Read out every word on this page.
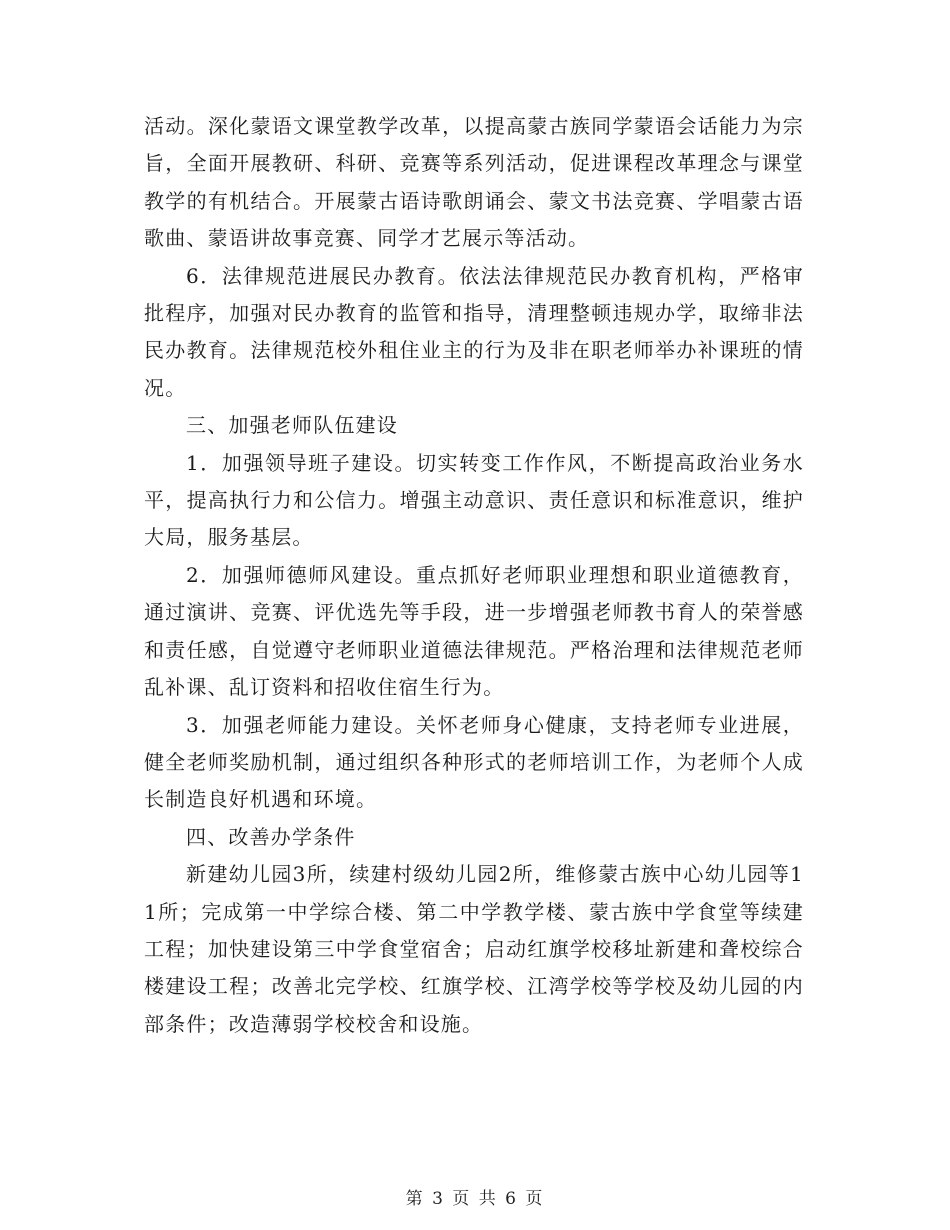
活动。深化蒙语文课堂教学改革，以提高蒙古族同学蒙语会话能力为宗旨，全面开展教研、科研、竞赛等系列活动，促进课程改革理念与课堂教学的有机结合。开展蒙古语诗歌朗诵会、蒙文书法竞赛、学唱蒙古语歌曲、蒙语讲故事竞赛、同学才艺展示等活动。

6．法律规范进展民办教育。依法法律规范民办教育机构，严格审批程序，加强对民办教育的监管和指导，清理整顿违规办学，取缔非法民办教育。法律规范校外租住业主的行为及非在职老师举办补课班的情况。

三、加强老师队伍建设

1．加强领导班子建设。切实转变工作作风，不断提高政治业务水平，提高执行力和公信力。增强主动意识、责任意识和标准意识，维护大局，服务基层。

2．加强师德师风建设。重点抓好老师职业理想和职业道德教育，通过演讲、竞赛、评优选先等手段，进一步增强老师教书育人的荣誉感和责任感，自觉遵守老师职业道德法律规范。严格治理和法律规范老师乱补课、乱订资料和招收住宿生行为。

3．加强老师能力建设。关怀老师身心健康，支持老师专业进展，健全老师奖励机制，通过组织各种形式的老师培训工作，为老师个人成长制造良好机遇和环境。

四、改善办学条件

新建幼儿园3所，续建村级幼儿园2所，维修蒙古族中心幼儿园等11所；完成第一中学综合楼、第二中学教学楼、蒙古族中学食堂等续建工程；加快建设第三中学食堂宿舍；启动红旗学校移址新建和聋校综合楼建设工程；改善北完学校、红旗学校、江湾学校等学校及幼儿园的内部条件；改造薄弱学校校舍和设施。

第 3 页 共 6 页
